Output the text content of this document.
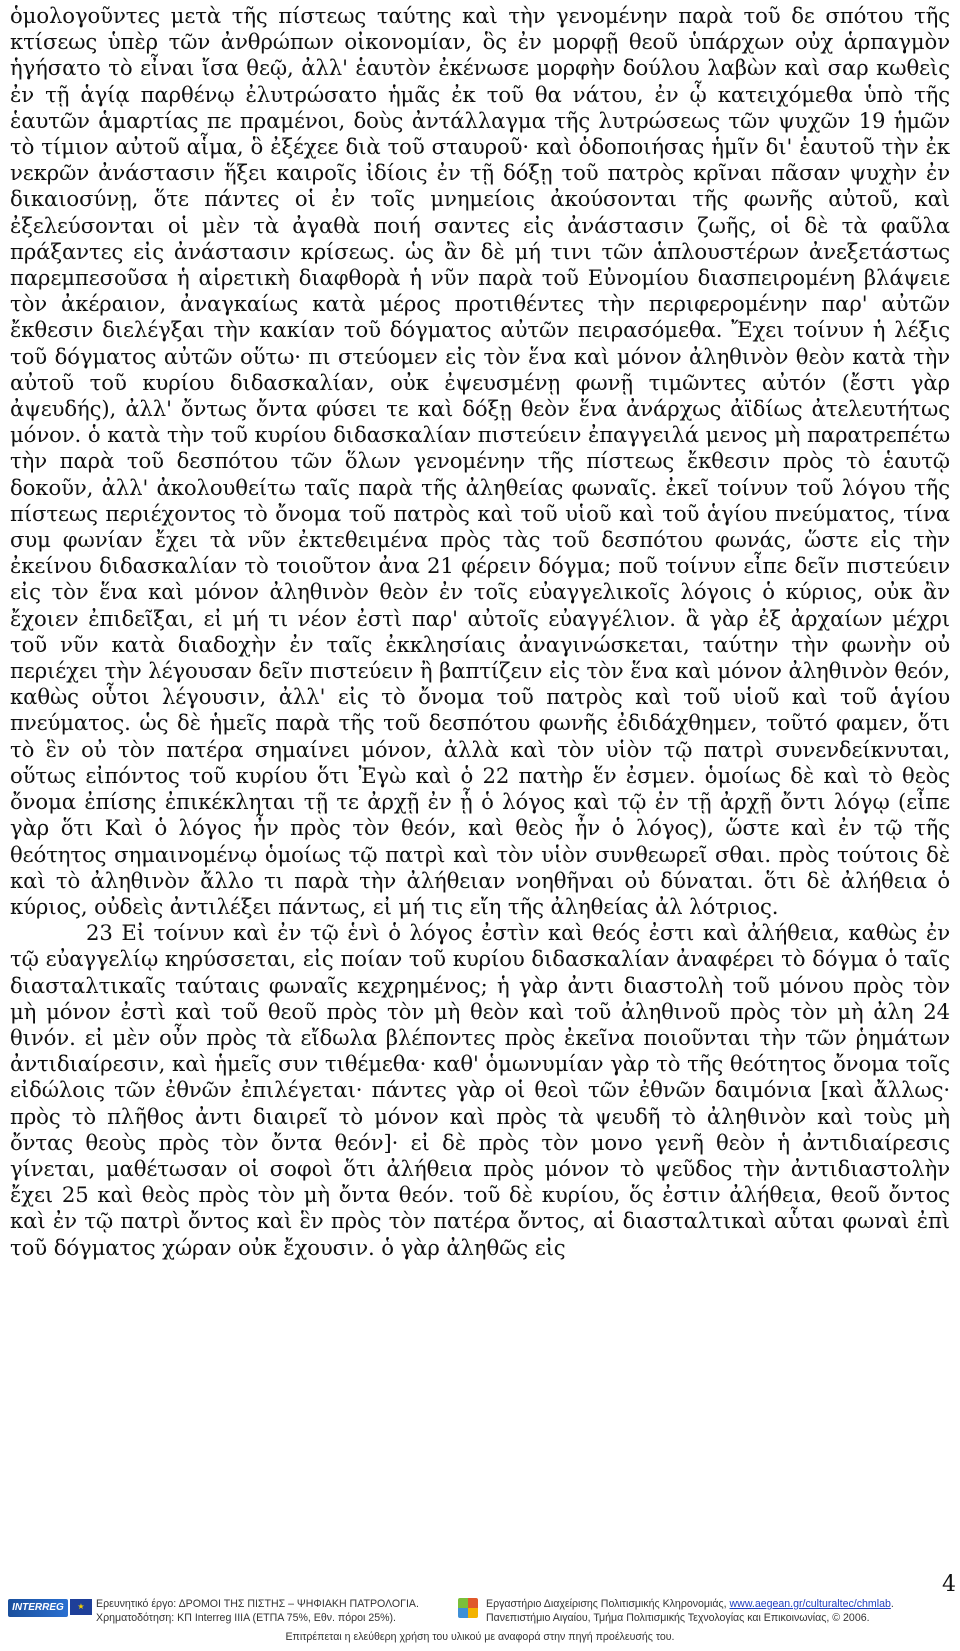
ὁμολογοῦντες μετὰ τῆς πίστεως ταύτης καὶ τὴν γενομένην παρὰ τοῦ δε σπότου τῆς κτίσεως ὑπὲρ τῶν ἀνθρώπων οἰκονομίαν, ὃς ἐν μορφῇ θεοῦ ὑπάρχων οὐχ ἁρπαγμὸν ἡγήσατο τὸ εἶναι ἴσα θεῷ, ἀλλ' ἑαυτὸν ἐκένωσε μορφὴν δούλου λαβὼν καὶ σαρ κωθεὶς ἐν τῇ ἁγίᾳ παρθένῳ ἐλυτρώσατο ἡμᾶς ἐκ τοῦ θα νάτου, ἐν ᾧ κατειχόμεθα ὑπὸ τῆς ἑαυτῶν ἁμαρτίας πε πραμένοι, δοὺς ἀντάλλαγμα τῆς λυτρώσεως τῶν ψυχῶν 19 ἡμῶν τὸ τίμιον αὐτοῦ αἷμα, ὃ ἐξέχεε διὰ τοῦ σταυροῦ· καὶ ὁδοποιήσας ἡμῖν δι' ἑαυτοῦ τὴν ἐκ νεκρῶν ἀνάστασιν ἥξει καιροῖς ἰδίοις ἐν τῇ δόξῃ τοῦ πατρὸς κρῖναι πᾶσαν ψυχὴν ἐν δικαιοσύνῃ, ὅτε πάντες οἱ ἐν τοῖς μνημείοις ἀκούσονται τῆς φωνῆς αὐτοῦ, καὶ ἐξελεύσονται οἱ μὲν τὰ ἀγαθὰ ποιή σαντες εἰς ἀνάστασιν ζωῆς, οἱ δὲ τὰ φαῦλα πράξαντες εἰς ἀνάστασιν κρίσεως. ὡς ἂν δὲ μή τινι τῶν ἁπλουστέρων ἀνεξετάστως παρεμπεσοῦσα ἡ αἱρετικὴ διαφθορὰ ἡ νῦν παρὰ τοῦ Εὐνομίου διασπειρομένη βλάψειε τὸν ἀκέραιον, ἀναγκαίως κατὰ μέρος προτιθέντες τὴν περιφερομένην παρ' αὐτῶν ἔκθεσιν διελέγξαι τὴν κακίαν τοῦ δόγματος αὐτῶν πειρασόμεθα. Ἔχει τοίνυν ἡ λέξις τοῦ δόγματος αὐτῶν οὕτω· πι στεύομεν εἰς τὸν ἕνα καὶ μόνον ἀληθινὸν θεὸν κατὰ τὴν αὐτοῦ τοῦ κυρίου διδασκαλίαν, οὐκ ἐψευσμένῃ φωνῇ τιμῶντες αὐτόν (ἔστι γὰρ ἀψευδής), ἀλλ' ὄντως ὄντα φύσει τε καὶ δόξῃ θεὸν ἕνα ἀνάρχως ἀϊδίως ἀτελευτήτως μόνον. ὁ κατὰ τὴν τοῦ κυρίου διδασκαλίαν πιστεύειν ἐπαγγειλά μενος μὴ παρατρεπέτω τὴν παρὰ τοῦ δεσπότου τῶν ὅλων γενομένην τῆς πίστεως ἔκθεσιν πρὸς τὸ ἑαυτῷ δοκοῦν, ἀλλ' ἀκολουθείτω ταῖς παρὰ τῆς ἀληθείας φωναῖς. ἐκεῖ τοίνυν τοῦ λόγου τῆς πίστεως περιέχοντος τὸ ὄνομα τοῦ πατρὸς καὶ τοῦ υἱοῦ καὶ τοῦ ἁγίου πνεύματος, τίνα συμ φωνίαν ἔχει τὰ νῦν ἐκτεθειμένα πρὸς τὰς τοῦ δεσπότου φωνάς, ὥστε εἰς τὴν ἐκείνου διδασκαλίαν τὸ τοιοῦτον ἀνα 21 φέρειν δόγμα; ποῦ τοίνυν εἶπε δεῖν πιστεύειν εἰς τὸν ἕνα καὶ μόνον ἀληθινὸν θεὸν ἐν τοῖς εὐαγγελικοῖς λόγοις ὁ κύριος, οὐκ ἂν ἔχοιεν ἐπιδεῖξαι, εἰ μή τι νέον ἐστὶ παρ' αὐτοῖς εὐαγγέλιον. ἃ γὰρ ἐξ ἀρχαίων μέχρι τοῦ νῦν κατὰ διαδοχὴν ἐν ταῖς ἐκκλησίαις ἀναγινώσκεται, ταύτην τὴν φωνὴν οὐ περιέχει τὴν λέγουσαν δεῖν πιστεύειν ἢ βαπτίζειν εἰς τὸν ἕνα καὶ μόνον ἀληθινὸν θεόν, καθὼς οὗτοι λέγουσιν, ἀλλ' εἰς τὸ ὄνομα τοῦ πατρὸς καὶ τοῦ υἱοῦ καὶ τοῦ ἁγίου πνεύματος. ὡς δὲ ἡμεῖς παρὰ τῆς τοῦ δεσπότου φωνῆς ἐδιδάχθημεν, τοῦτό φαμεν, ὅτι τὸ ἓν οὐ τὸν πατέρα σημαίνει μόνον, ἀλλὰ καὶ τὸν υἱὸν τῷ πατρὶ συνενδείκνυται, οὕτως εἰπόντος τοῦ κυρίου ὅτι Ἐγὼ καὶ ὁ 22 πατὴρ ἕν ἐσμεν. ὁμοίως δὲ καὶ τὸ θεὸς ὄνομα ἐπίσης ἐπικέκληται τῇ τε ἀρχῇ ἐν ᾗ ὁ λόγος καὶ τῷ ἐν τῇ ἀρχῇ ὄντι λόγῳ (εἶπε γὰρ ὅτι Καὶ ὁ λόγος ἦν πρὸς τὸν θεόν, καὶ θεὸς ἦν ὁ λόγος), ὥστε καὶ ἐν τῷ τῆς θεότητος σημαινομένῳ ὁμοίως τῷ πατρὶ καὶ τὸν υἱὸν συνθεωρεῖ σθαι. πρὸς τούτοις δὲ καὶ τὸ ἀληθινὸν ἄλλο τι παρὰ τὴν ἀλήθειαν νοηθῆναι οὐ δύναται. ὅτι δὲ ἀλήθεια ὁ κύριος, οὐδεὶς ἀντιλέξει πάντως, εἰ μή τις εἴη τῆς ἀληθείας ἀλ λότριος.

23 Εἰ τοίνυν καὶ ἐν τῷ ἑνὶ ὁ λόγος ἐστὶν καὶ θεός ἐστι καὶ ἀλήθεια, καθὼς ἐν τῷ εὐαγγελίῳ κηρύσσεται, εἰς ποίαν τοῦ κυρίου διδασκαλίαν ἀναφέρει τὸ δόγμα ὁ ταῖς διασταλτικαῖς ταύταις φωναῖς κεχρημένος; ἡ γὰρ ἀντι διαστολὴ τοῦ μόνου πρὸς τὸν μὴ μόνον ἐστὶ καὶ τοῦ θεοῦ πρὸς τὸν μὴ θεὸν καὶ τοῦ ἀληθινοῦ πρὸς τὸν μὴ ἀλη 24 θινόν. εἰ μὲν οὖν πρὸς τὰ εἴδωλα βλέποντες πρὸς ἐκεῖνα ποιοῦνται τὴν τῶν ῥημάτων ἀντιδιαίρεσιν, καὶ ἡμεῖς συν τιθέμεθα· καθ' ὁμωνυμίαν γὰρ τὸ τῆς θεότητος ὄνομα τοῖς εἰδώλοις τῶν ἐθνῶν ἐπιλέγεται· πάντες γὰρ οἱ θεοὶ τῶν ἐθνῶν δαιμόνια [καὶ ἄλλως· πρὸς τὸ πλῆθος ἀντι διαιρεῖ τὸ μόνον καὶ πρὸς τὰ ψευδῆ τὸ ἀληθινὸν καὶ τοὺς μὴ ὄντας θεοὺς πρὸς τὸν ὄντα θεόν]· εἰ δὲ πρὸς τὸν μονο γενῆ θεὸν ἡ ἀντιδιαίρεσις γίνεται, μαθέτωσαν οἱ σοφοὶ ὅτι ἀλήθεια πρὸς μόνον τὸ ψεῦδος τὴν ἀντιδιαστολὴν ἔχει 25 καὶ θεὸς πρὸς τὸν μὴ ὄντα θεόν. τοῦ δὲ κυρίου, ὅς ἐστιν ἀλήθεια, θεοῦ ὄντος καὶ ἐν τῷ πατρὶ ὄντος καὶ ἓν πρὸς τὸν πατέρα ὄντος, αἱ διασταλτικαὶ αὗται φωναὶ ἐπὶ τοῦ δόγματος χώραν οὐκ ἔχουσιν. ὁ γὰρ ἀληθῶς εἰς

4
INTERREG III
★	Ερευνητικό έργο: ΔΡΟΜΟΙ ΤΗΣ ΠΙΣΤΗΣ – ΨΗΦΙΑΚΗ ΠΑΤΡΟΛΟΓΙΑ.
Χρηματοδότηση: ΚΠ Interreg IIIA (ΕΤΠΑ 75%, Εθν. πόροι 25%).
Εργαστήριο Διαχείρισης Πολιτισμικής Κληρονομιάς, www.aegean.gr/culturaltec/chmlab.
Πανεπιστήμιο Αιγαίου, Τμήμα Πολιτισμικής Τεχνολογίας και Επικοινωνίας, © 2006.
Επιτρέπεται η ελεύθερη χρήση του υλικού με αναφορά στην πηγή προέλευσής του.
